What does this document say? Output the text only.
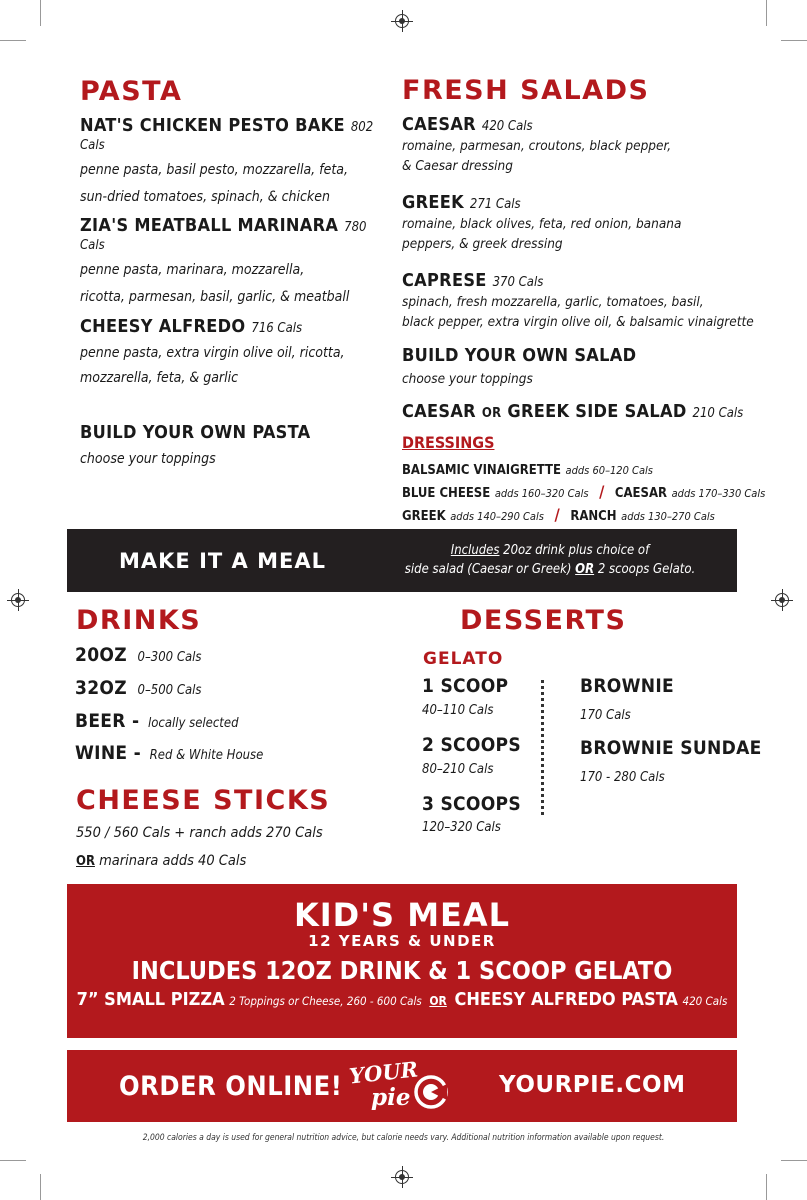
PASTA
NAT'S CHICKEN PESTO BAKE 802 Cals
penne pasta, basil pesto, mozzarella, feta,
sun-dried tomatoes, spinach, & chicken
ZIA'S MEATBALL MARINARA 780 Cals
penne pasta, marinara, mozzarella,
ricotta, parmesan, basil, garlic, & meatball
CHEESY ALFREDO 716 Cals
penne pasta, extra virgin olive oil, ricotta,
mozzarella, feta, & garlic
BUILD YOUR OWN PASTA
choose your toppings
FRESH SALADS
CAESAR 420 Cals
romaine, parmesan, croutons, black pepper,
& Caesar dressing
GREEK 271 Cals
romaine, black olives, feta, red onion, banana
peppers, & greek dressing
CAPRESE 370 Cals
spinach, fresh mozzarella, garlic, tomatoes, basil,
black pepper, extra virgin olive oil, & balsamic vinaigrette
BUILD YOUR OWN SALAD
choose your toppings
CAESAR OR GREEK SIDE SALAD 210 Cals
DRESSINGS
BALSAMIC VINAIGRETTE adds 60–120 Cals
BLUE CHEESE adds 160–320 Cals / CAESAR adds 170–330 Cals
GREEK adds 140–290 Cals / RANCH adds 130–270 Cals
MAKE IT A MEAL	Includes 20oz drink plus choice of
side salad (Caesar or Greek) OR 2 scoops Gelato.
DRINKS
20OZ 0–300 Cals
32OZ 0–500 Cals
BEER - locally selected
WINE - Red & White House
CHEESE STICKS
550 / 560 Cals + ranch adds 270 Cals
OR marinara adds 40 Cals
DESSERTS
GELATO
1 SCOOP
40–110 Cals
2 SCOOPS
80–210 Cals
3 SCOOPS
120–320 Cals
BROWNIE
170 Cals
BROWNIE SUNDAE
170 - 280 Cals
KID'S MEAL
12 YEARS & UNDER
INCLUDES 12OZ DRINK & 1 SCOOP GELATO
7” SMALL PIZZA 2 Toppings or Cheese, 260 - 600 Cals OR CHEESY ALFREDO PASTA 420 Cals
ORDER ONLINE! YOUR
pie	YOURPIE.COM
2,000 calories a day is used for general nutrition advice, but calorie needs vary. Additional nutrition information available upon request.
